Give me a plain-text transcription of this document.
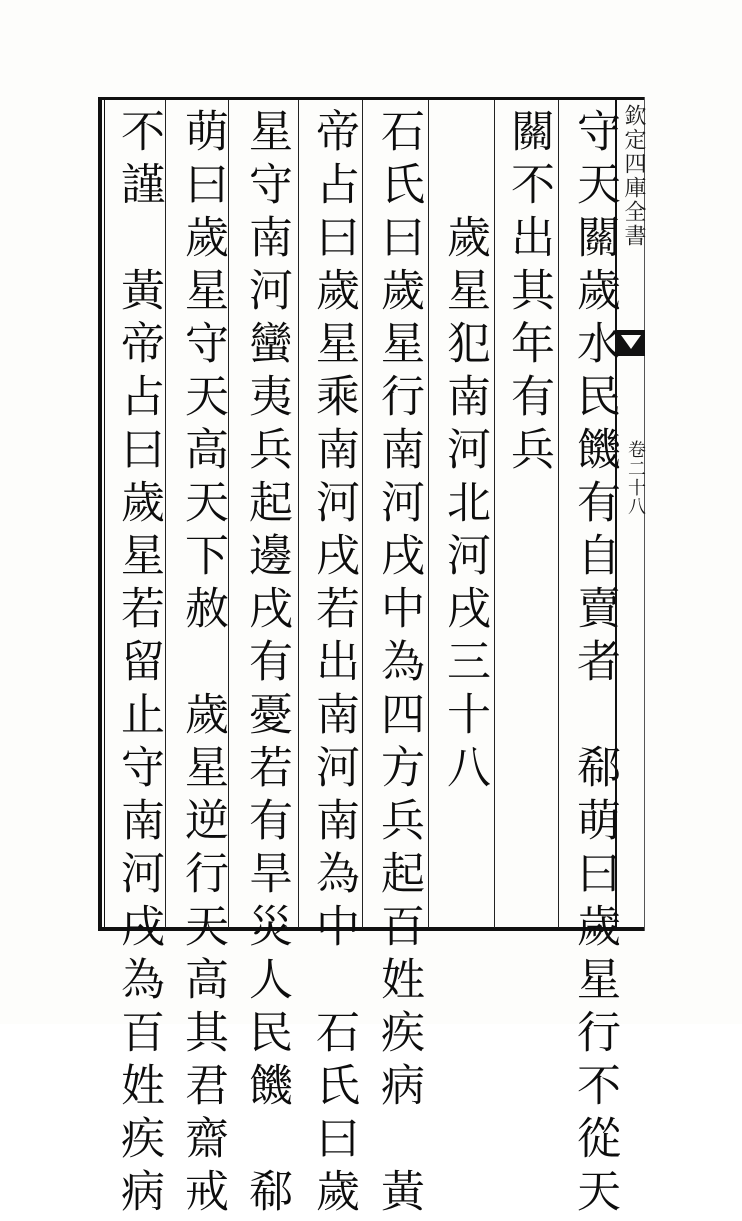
欽定四庫全書
卷二十八
守天關歲水民饑有自賣者　郗萌曰歲星行不從天
關不出其年有兵
　　歲星犯南河北河戌三十八
石氏曰歲星行南河戌中為四方兵起百姓疾病　黃
帝占曰歲星乘南河戌若出南河南為中　石氏曰歲
星守南河蠻夷兵起邊戌有憂若有旱災人民饑　郗
萌曰歲星守天高天下赦　歲星逆行天高其君齋戒
不謹　黃帝占曰歲星若留止守南河戌為百姓疾病
